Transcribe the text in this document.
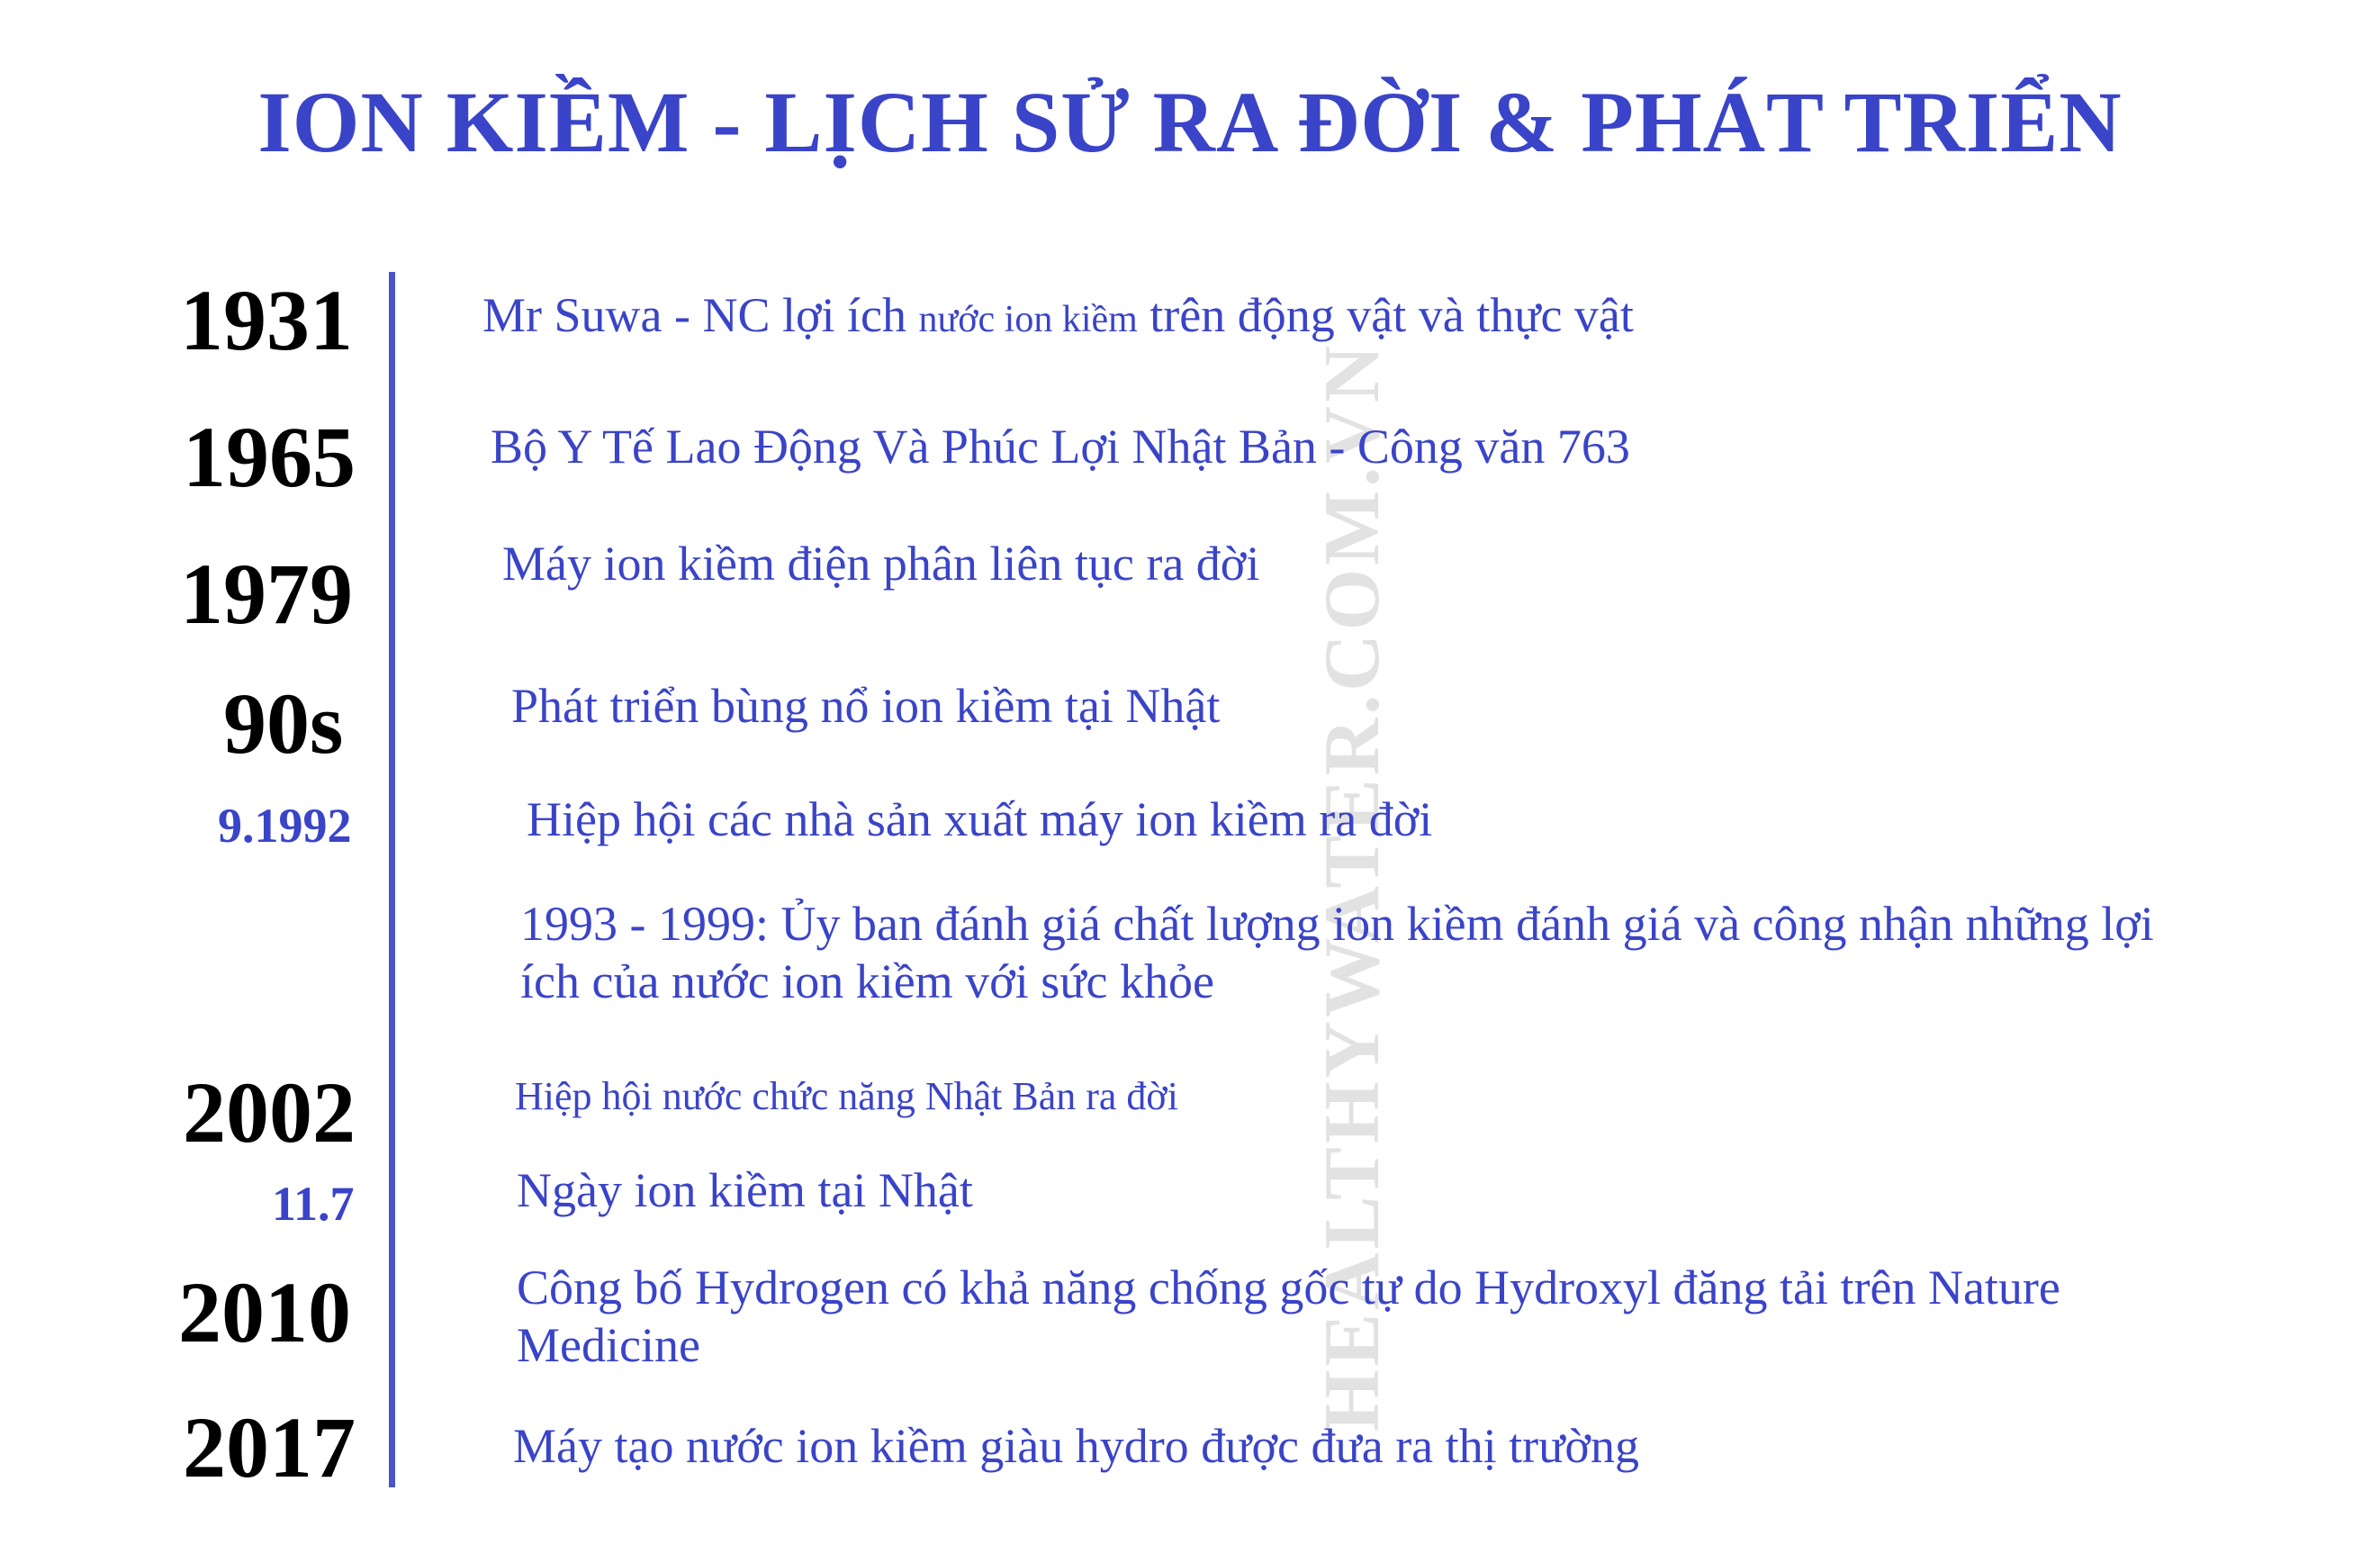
ION KIỀM - LỊCH SỬ RA ĐỜI & PHÁT TRIỂN
HEALTHYWATER.COM.VN
1931
1965
1979
90s
9.1992
2002
11.7
2010
2017
Mr Suwa - NC lợi ích nước ion kiềm trên động vật và thực vật
Bộ Y Tế Lao Động Và Phúc Lợi Nhật Bản - Công văn 763
Máy ion kiềm điện phân liên tục ra đời
Phát triển bùng nổ ion kiềm tại Nhật
Hiệp hội các nhà sản xuất máy ion kiềm ra đời
1993 - 1999: Ủy ban đánh giá chất lượng ion kiềm đánh giá và công nhận những lợi ích của nước ion kiềm với sức khỏe
Hiệp hội nước chức năng Nhật Bản ra đời
Ngày ion kiềm tại Nhật
Công bố Hydrogen có khả năng chống gốc tự do Hydroxyl đăng tải trên Nature Medicine
Máy tạo nước ion kiềm giàu hydro được đưa ra thị trường
